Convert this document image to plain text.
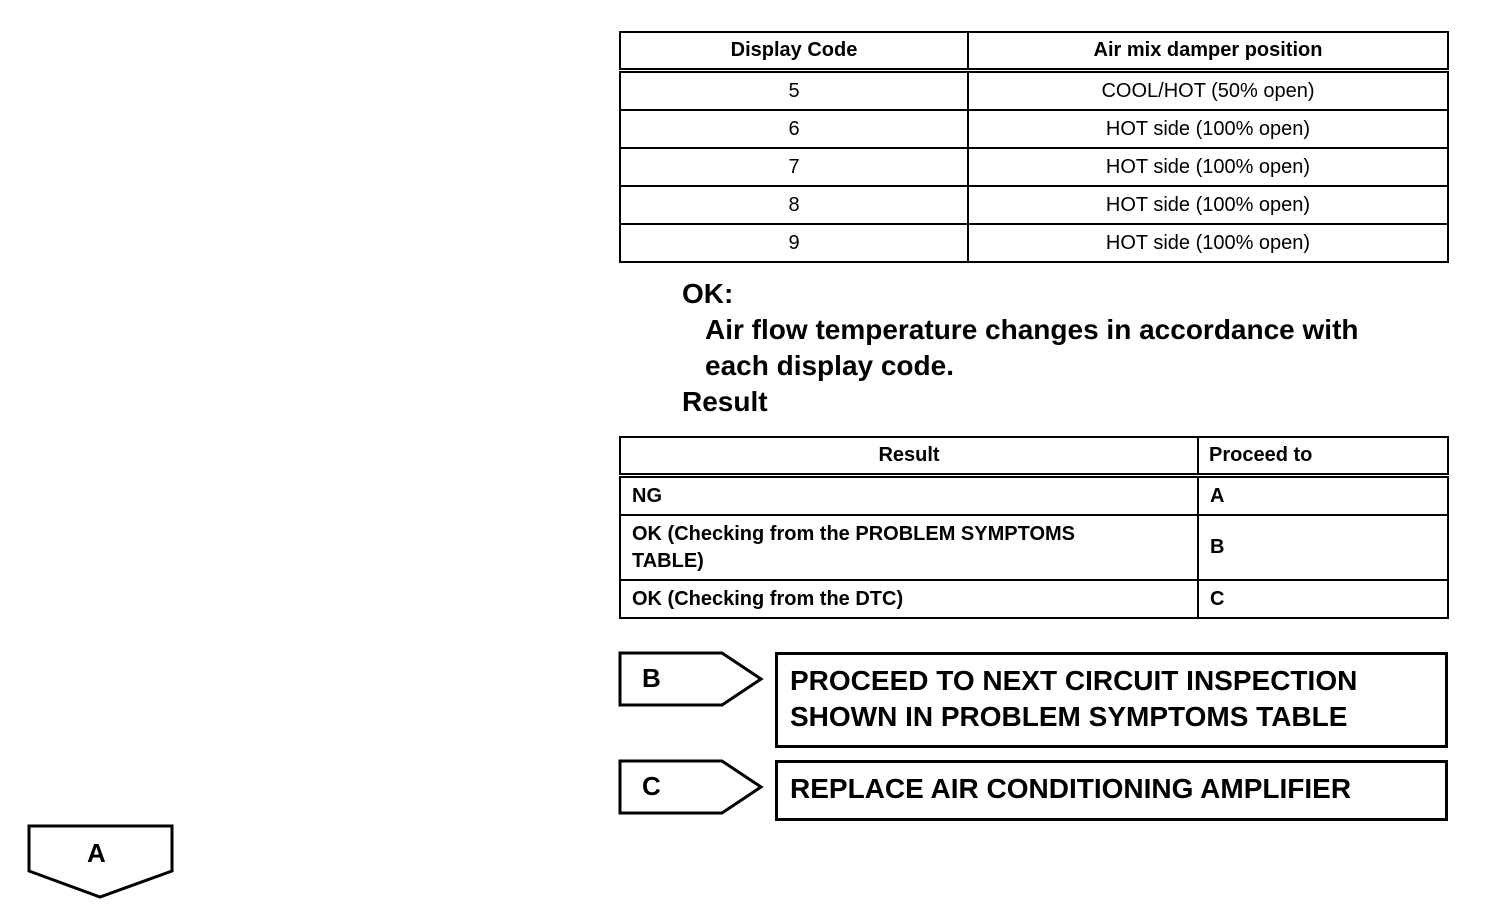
Display Code	Air mix damper position
5	COOL/HOT (50% open)
6	HOT side (100% open)
7	HOT side (100% open)
8	HOT side (100% open)
9	HOT side (100% open)
OK:
Air flow temperature changes in accordance with
each display code.
Result
Result	Proceed to
NG	A
OK (Checking from the PROBLEM SYMPTOMS TABLE)	B
OK (Checking from the DTC)	C
B	PROCEED TO NEXT CIRCUIT INSPECTION
SHOWN IN PROBLEM SYMPTOMS TABLE
C	REPLACE AIR CONDITIONING AMPLIFIER
A
